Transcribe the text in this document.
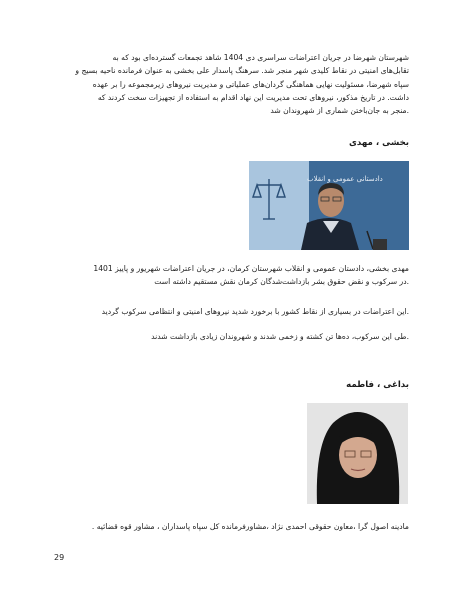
شهرستان شهرضا در جریان اعتراضات سراسری دی 1404 شاهد تجمعات گسترده‌ای بود که به

تقابل‌های امنیتی در نقاط کلیدی شهر منجر شد. سرهنگ پاسدار علی بخشی به عنوان فرمانده ناحیه بسیج و

سپاه شهرضا، مسئولیت نهایی هماهنگی گردان‌های عملیاتی و مدیریت نیروهای زیرمجموعه را بر عهده

داشت. در تاریخ مذکور، نیروهای تحت مدیریت این نهاد اقدام به استفاده از تجهیزات سخت کردند که

.منجر به جان‌باختن شماری از شهروندان شد

بخشی ، مهدی
دادستانی عمومی و انقلاب

مهدی بخشی، دادستان عمومی و انقلاب شهرستان کرمان، در جریان اعتراضات شهریور و پاییز 1401

.در سرکوب و نقض حقوق بشر بازداشت‌شدگان کرمان نقش مستقیم داشته است

.این اعتراضات در بسیاری از نقاط کشور با برخورد شدید نیروهای امنیتی و انتظامی سرکوب گردید

.طی این سرکوب، ده‌ها تن کشته و زخمی شدند و شهروندان زیادی بازداشت شدند

بداغی ، فاطمه

مادینه اصول گرا ،معاون حقوقی احمدی نژاد ،مشاورفرمانده کل سپاه پاسداران ، مشاور قوه قضائیه .

29
